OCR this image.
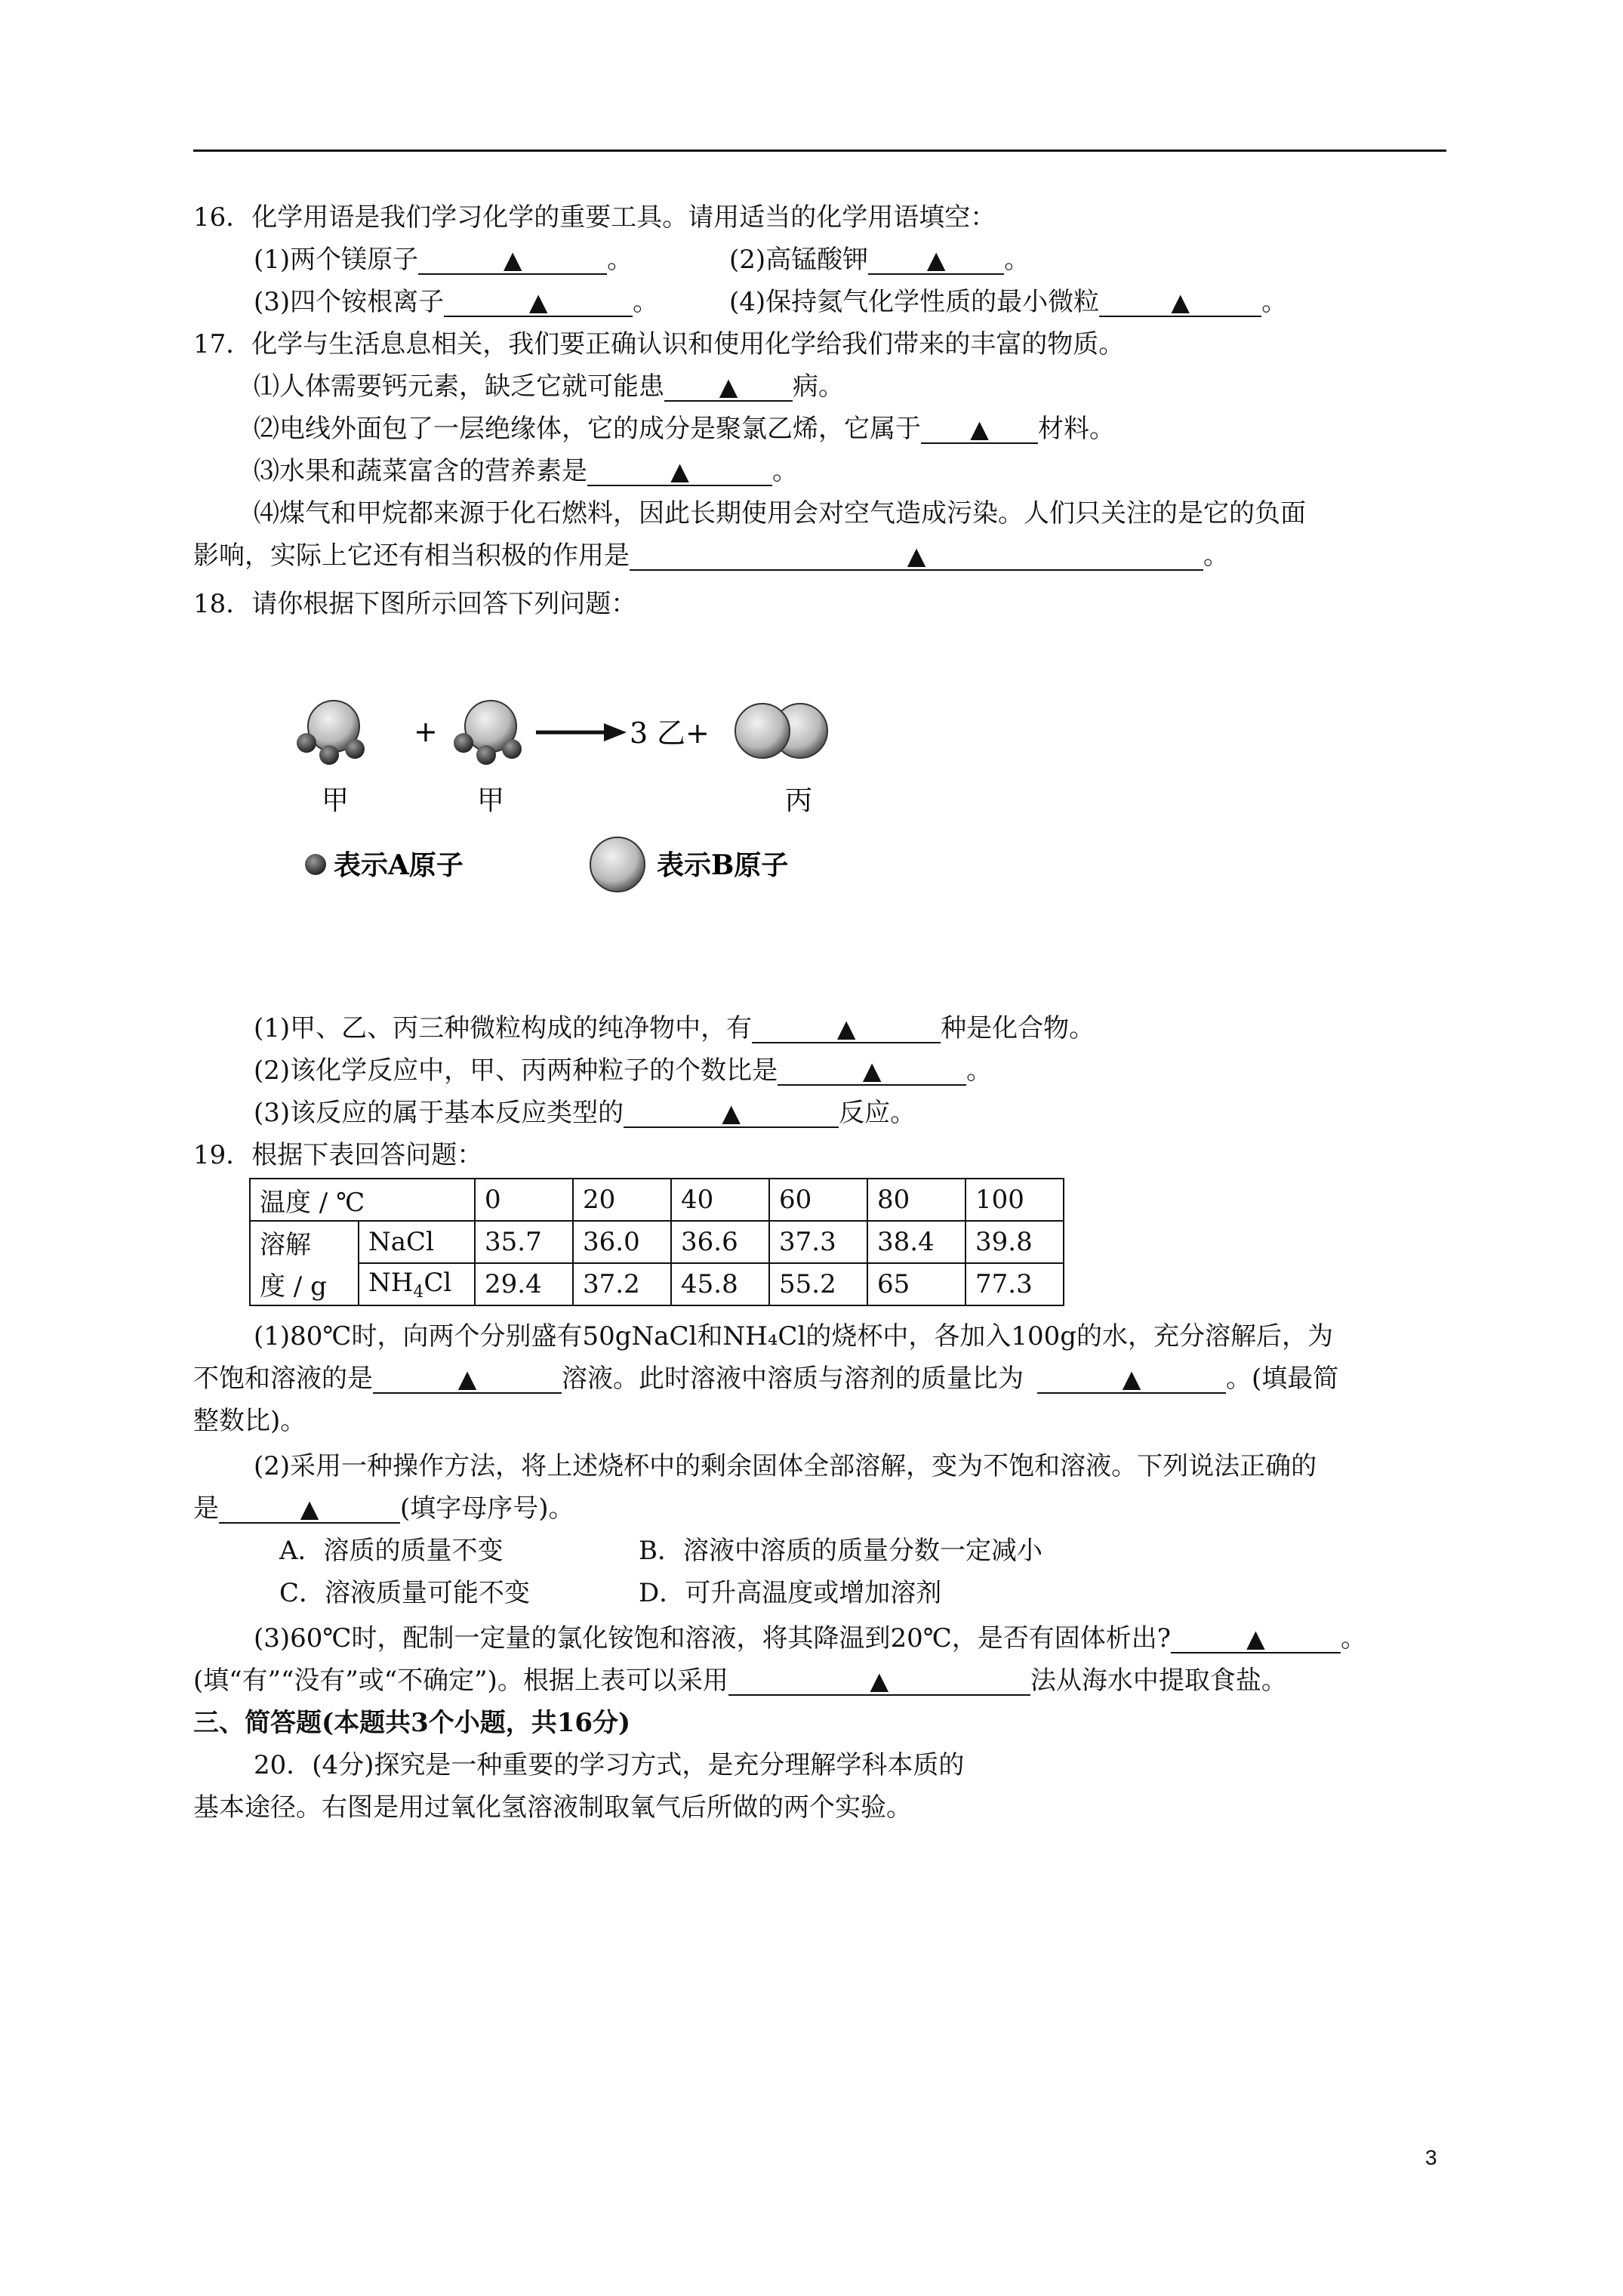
16．化学用语是我们学习化学的重要工具。请用适当的化学用语填空：
(1)两个镁原子	▲	。	(2)高锰酸钾 ▲ 。
(3)四个铵根离子	▲	。	(4)保持氦气化学性质的最小微粒	▲	。
17．化学与生活息息相关，我们要正确认识和使用化学给我们带来的丰富的物质。
⑴人体需要钙元素，缺乏它就可能患 ▲ 病。
⑵电线外面包了一层绝缘体，它的成分是聚氯乙烯，它属于 ▲ 材料。
⑶水果和蔬菜富含的营养素是	▲	。
⑷煤气和甲烷都来源于化石燃料，因此长期使用会对空气造成污染。人们只关注的是它的负面
影响，实际上它还有相当积极的作用是	▲	。
18．请你根据下图所示回答下列问题：
+	3 乙+
甲	甲	丙
表示A原子	表示B原子
(1)甲、乙、丙三种微粒构成的纯净物中，有	▲	种是化合物。
(2)该化学反应中，甲、丙两种粒子的个数比是	▲	。
(3)该反应的属于基本反应类型的	▲	反应。
19．根据下表回答问题：
温度 / ℃		0	20	40	60	80	100
溶解	NaCl	35.7	36.0	36.6	37.3	38.4	39.8
度 / g	$NH_4Cl$	29.4	37.2	45.8	55.2	65	77.3
(1)80℃时，向两个分别盛有50gNaCl和NH₄Cl的烧杯中，各加入100g的水，充分溶解后，为
不饱和溶液的是	▲	溶液。此时溶液中溶质与溶剂的质量比为	▲	。(填最简
整数比)。
(2)采用一种操作方法，将上述烧杯中的剩余固体全部溶解，变为不饱和溶液。下列说法正确的
是	▲	(填字母序号)。
A．溶质的质量不变	B．溶液中溶质的质量分数一定减小
C．溶液质量可能不变	D．可升高温度或增加溶剂
(3)60℃时，配制一定量的氯化铵饱和溶液，将其降温到20℃，是否有固体析出?	▲	。
(填“有”“没有”或“不确定”)。根据上表可以采用	▲	法从海水中提取食盐。
三、简答题(本题共3个小题，共16分)
20．(4分)探究是一种重要的学习方式，是充分理解学科本质的
基本途径。右图是用过氧化氢溶液制取氧气后所做的两个实验。
3
